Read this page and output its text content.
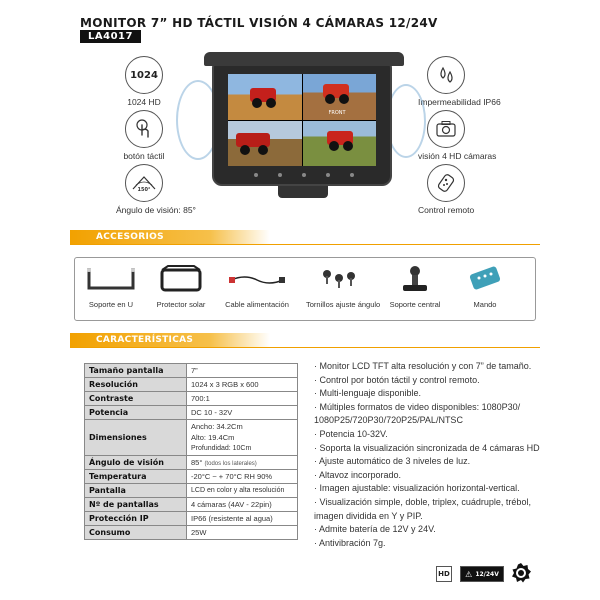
MONITOR 7” HD TÁCTIL VISIÓN 4 CÁMARAS 12/24V
LA4017
1024
1024 HD
botón táctil
150°
Ángulo de visión: 85°
Impermeabilidad IP66
visión 4 HD cámaras
Control remoto
FRONT
ACCESORIOS
Soporte en U	Protector solar	Cable alimentación	Tornillos ajuste ángulo	Soporte central	Mando
CARACTERÍSTICAS
Tamaño pantalla	7”
Resolución	1024 x 3 RGB x 600
Contraste	700:1
Potencia	DC 10 - 32V
Dimensiones	Ancho: 34.2Cm
Alto: 19.4Cm
Profundidad: 10Cm

Ángulo de visión	85° (todos los laterales)
Temperatura	-20°C ~ + 70°C RH 90%
Pantalla	LCD en color y alta resolución
Nº de pantallas	4 cámaras (4AV - 22pin)
Protección IP	IP66 (resistente al agua)
Consumo	25W
· Monitor LCD TFT alta resolución y con 7” de tamaño.
· Control por botón táctil y control remoto.
· Multi-lenguaje disponible.
· Múltiples formatos de video disponibles: 1080P30/
1080P25/720P30/720P25/PAL/NTSC
· Potencia 10-32V.
· Soporta la visualización sincronizada de 4 cámaras HD
· Ajuste automático de 3 niveles de luz.
· Altavoz incorporado.
· Imagen ajustable: visualización horizontal-vertical.
· Visualización simple, doble, triplex, cuádruple, trébol,
imagen dividida en Y y PIP.
· Admite batería de 12V y 24V.
· Antivibración 7g.
HD ⚠ 12/24V
